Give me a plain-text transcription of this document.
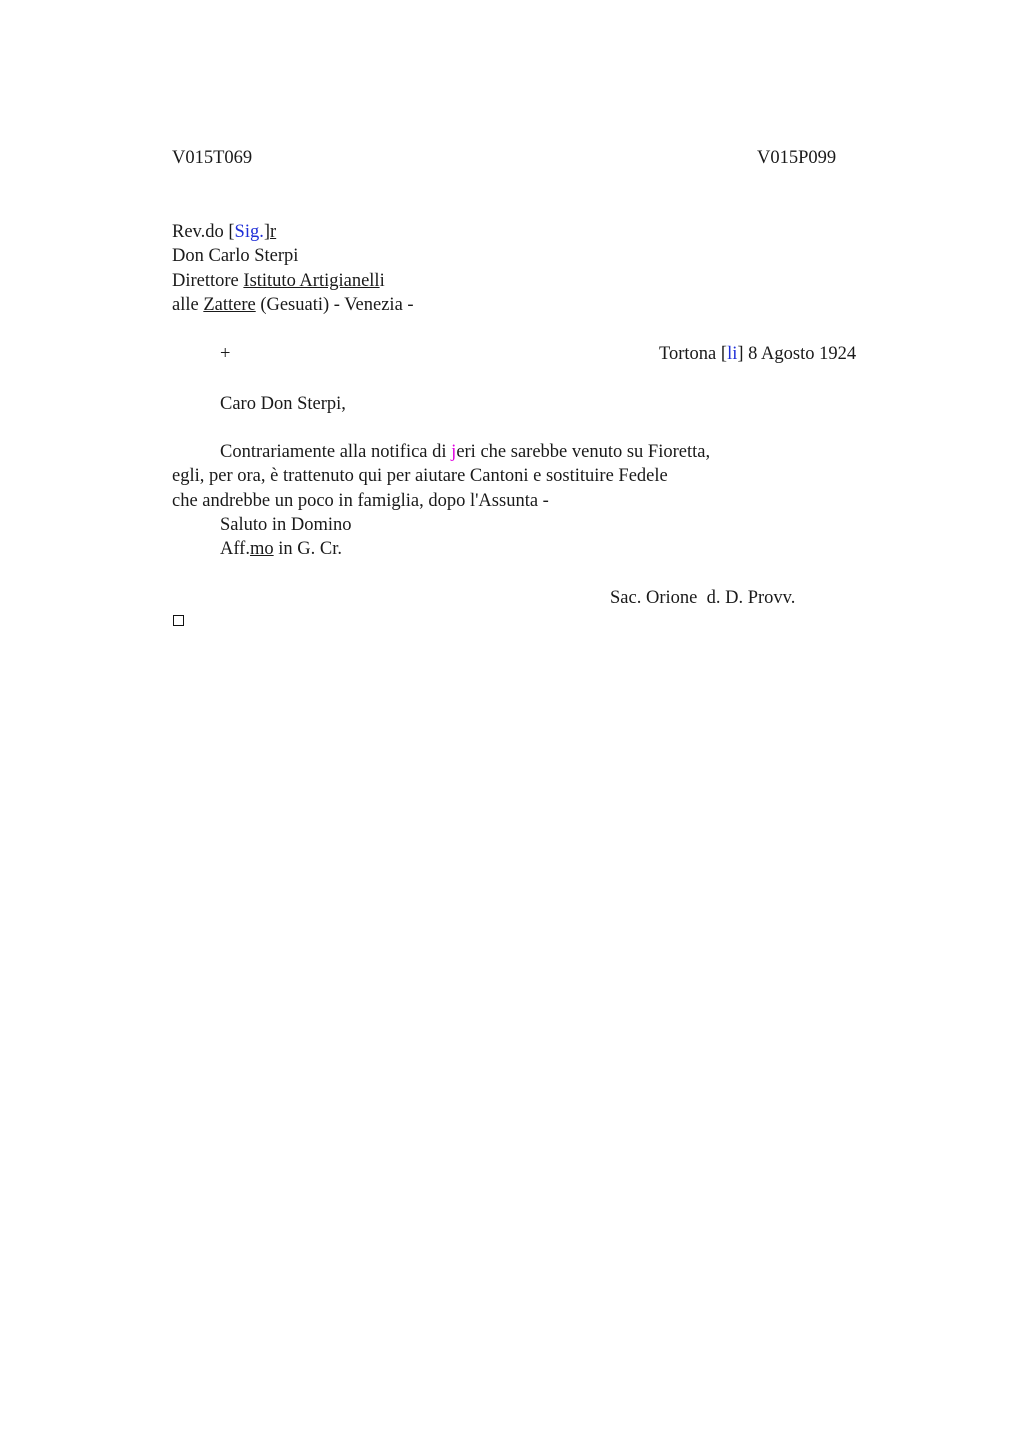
V015T069	V015P099
Rev.do [Sig.]r
Don Carlo Sterpi
Direttore Istituto Artigianelli
alle Zattere (Gesuati) - Venezia -
+	Tortona [li] 8 Agosto 1924
Caro Don Sterpi,
Contrariamente alla notifica di jeri che sarebbe venuto su Fioretta,
egli, per ora, è trattenuto qui per aiutare Cantoni e sostituire Fedele
che andrebbe un poco in famiglia, dopo l'Assunta -
Saluto in Domino
Aff.mo in G. Cr.
Sac. Orione  d. D. Provv.
